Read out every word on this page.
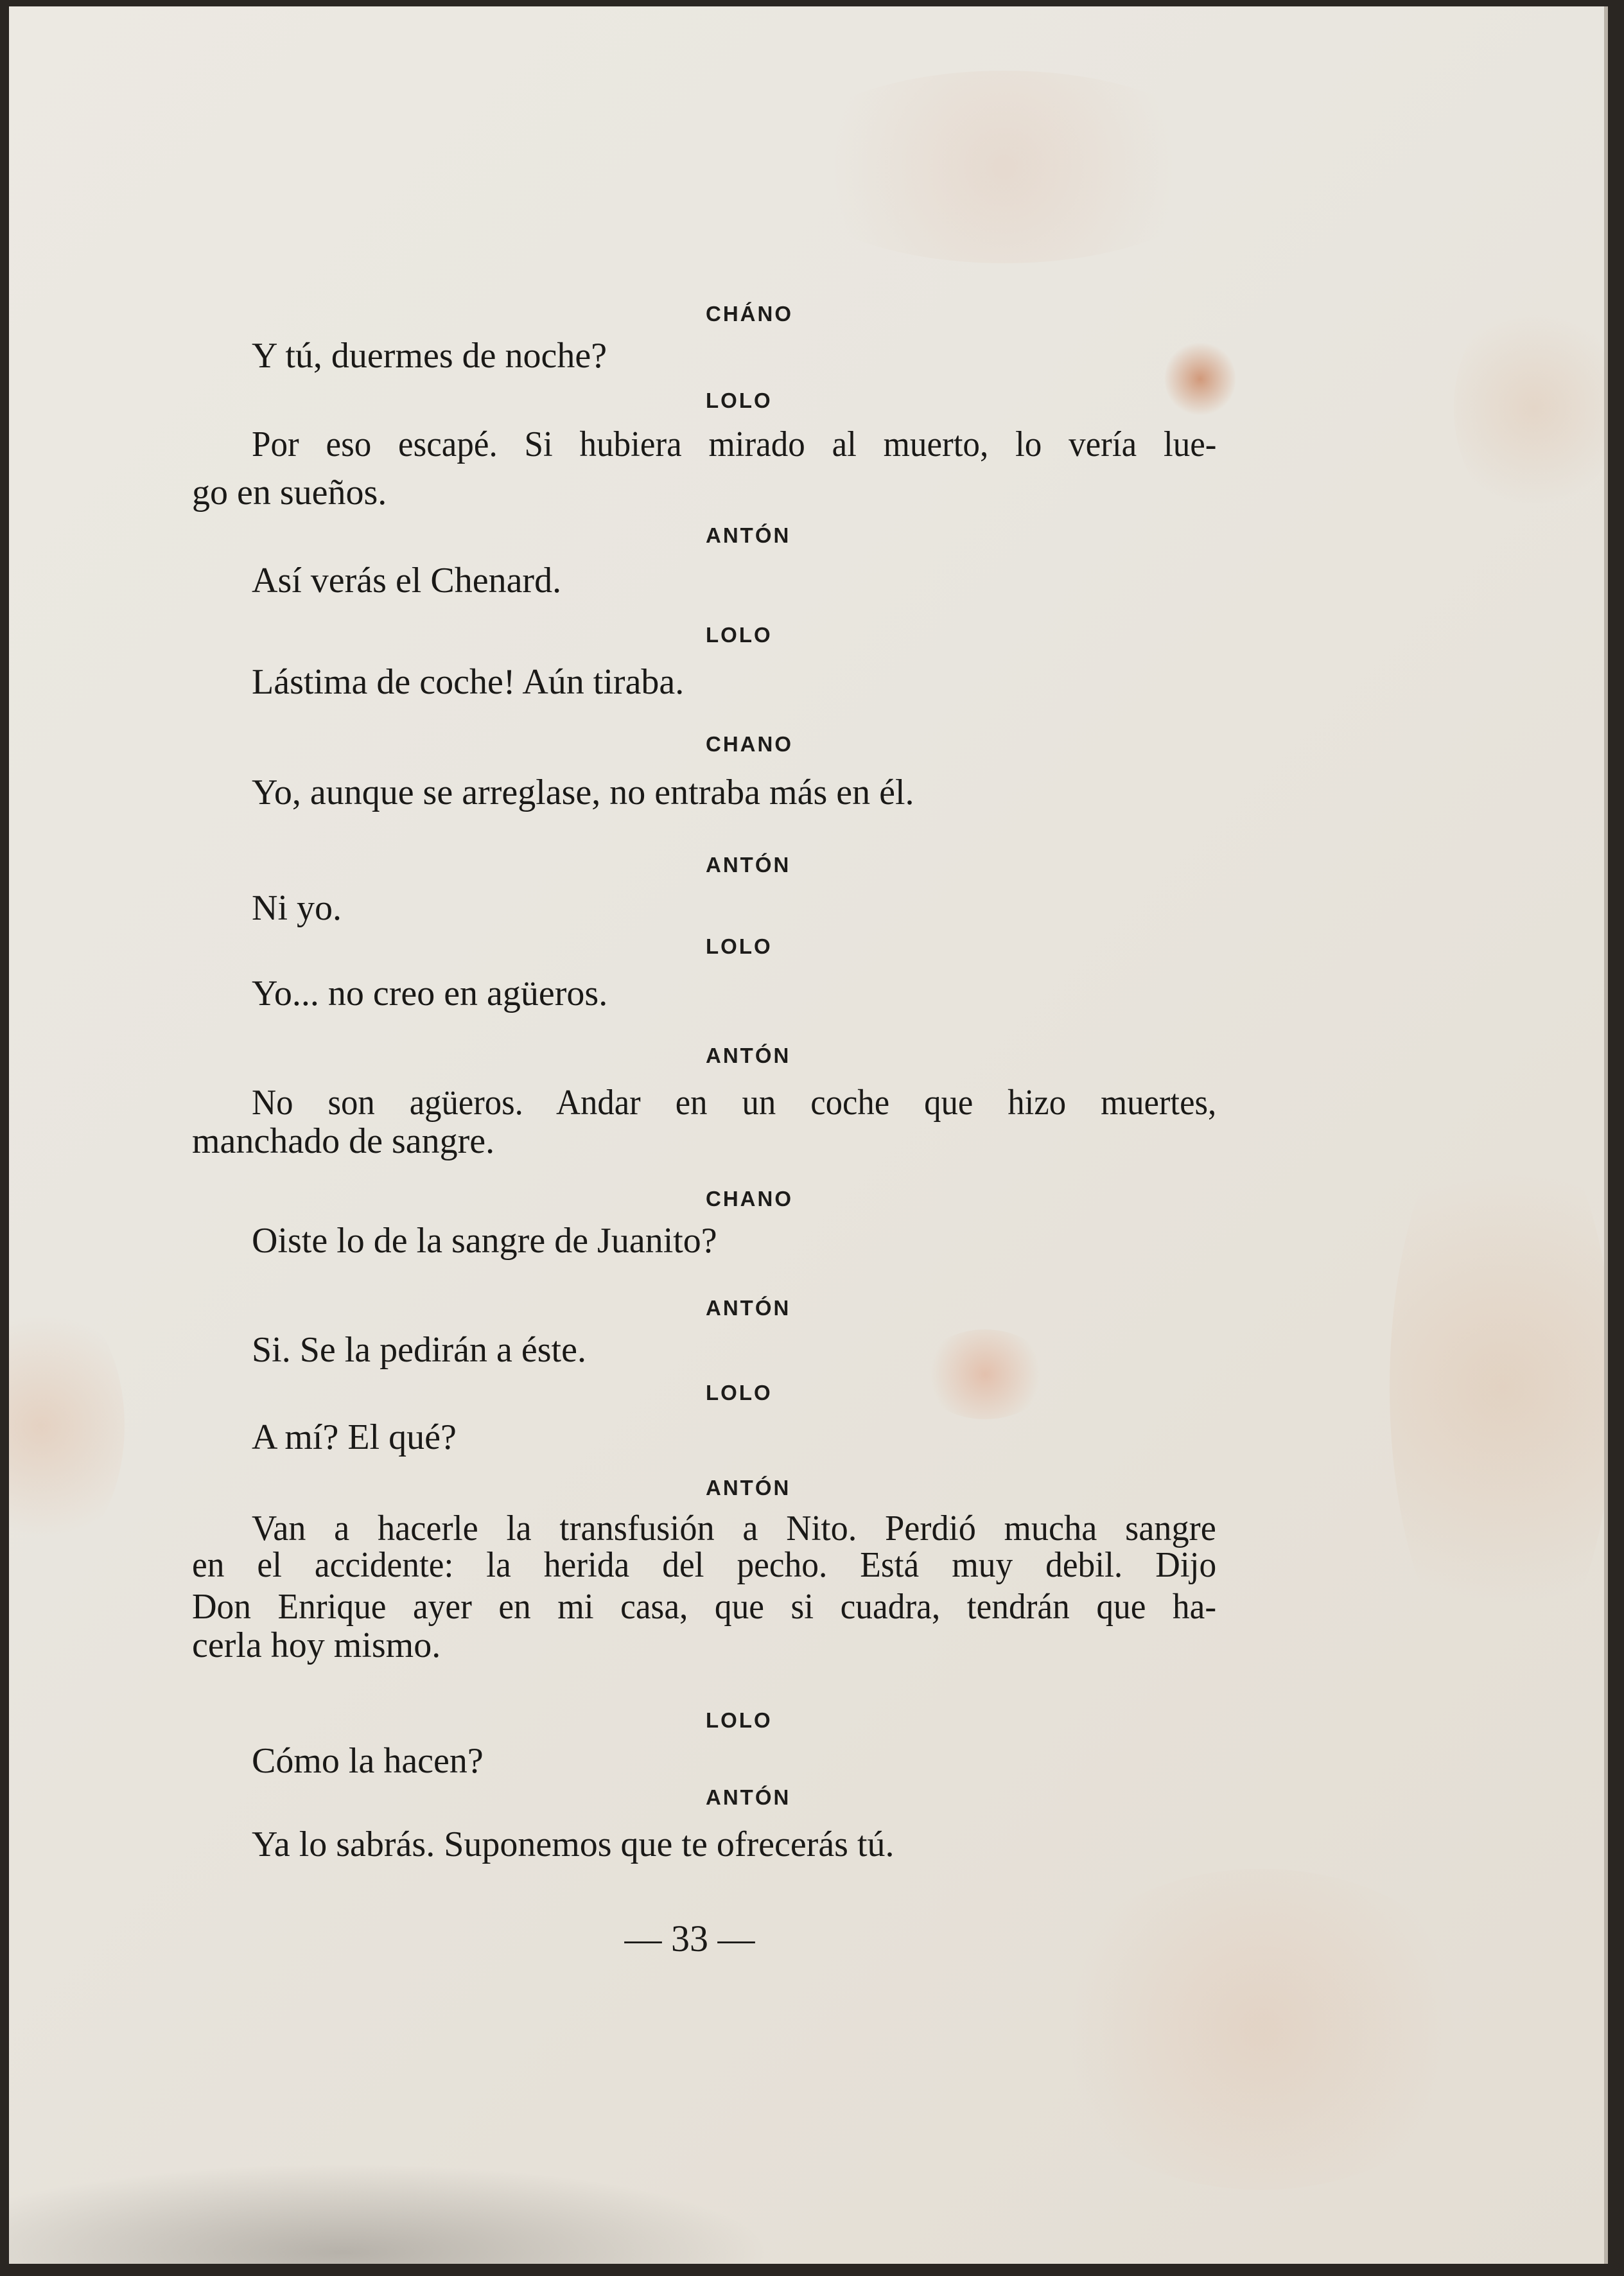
CHÁNO
Y tú, duermes de noche?
LOLO
Por eso escapé. Si hubiera mirado al muerto, lo vería lue-
go en sueños.
ANTÓN
Así verás el Chenard.
LOLO
Lástima de coche! Aún tiraba.
CHANO
Yo, aunque se arreglase, no entraba más en él.
ANTÓN
Ni yo.
LOLO
Yo... no creo en agüeros.
ANTÓN
No son agüeros. Andar en un coche que hizo muertes,
manchado de sangre.
CHANO
Oiste lo de la sangre de Juanito?
ANTÓN
Si. Se la pedirán a éste.
LOLO
A mí? El qué?
ANTÓN
Van a hacerle la transfusión a Nito. Perdió mucha sangre
en el accidente: la herida del pecho. Está muy debil. Dijo
Don Enrique ayer en mi casa, que si cuadra, tendrán que ha-
cerla hoy mismo.
LOLO
Cómo la hacen?
ANTÓN
Ya lo sabrás. Suponemos que te ofrecerás tú.
— 33 —
